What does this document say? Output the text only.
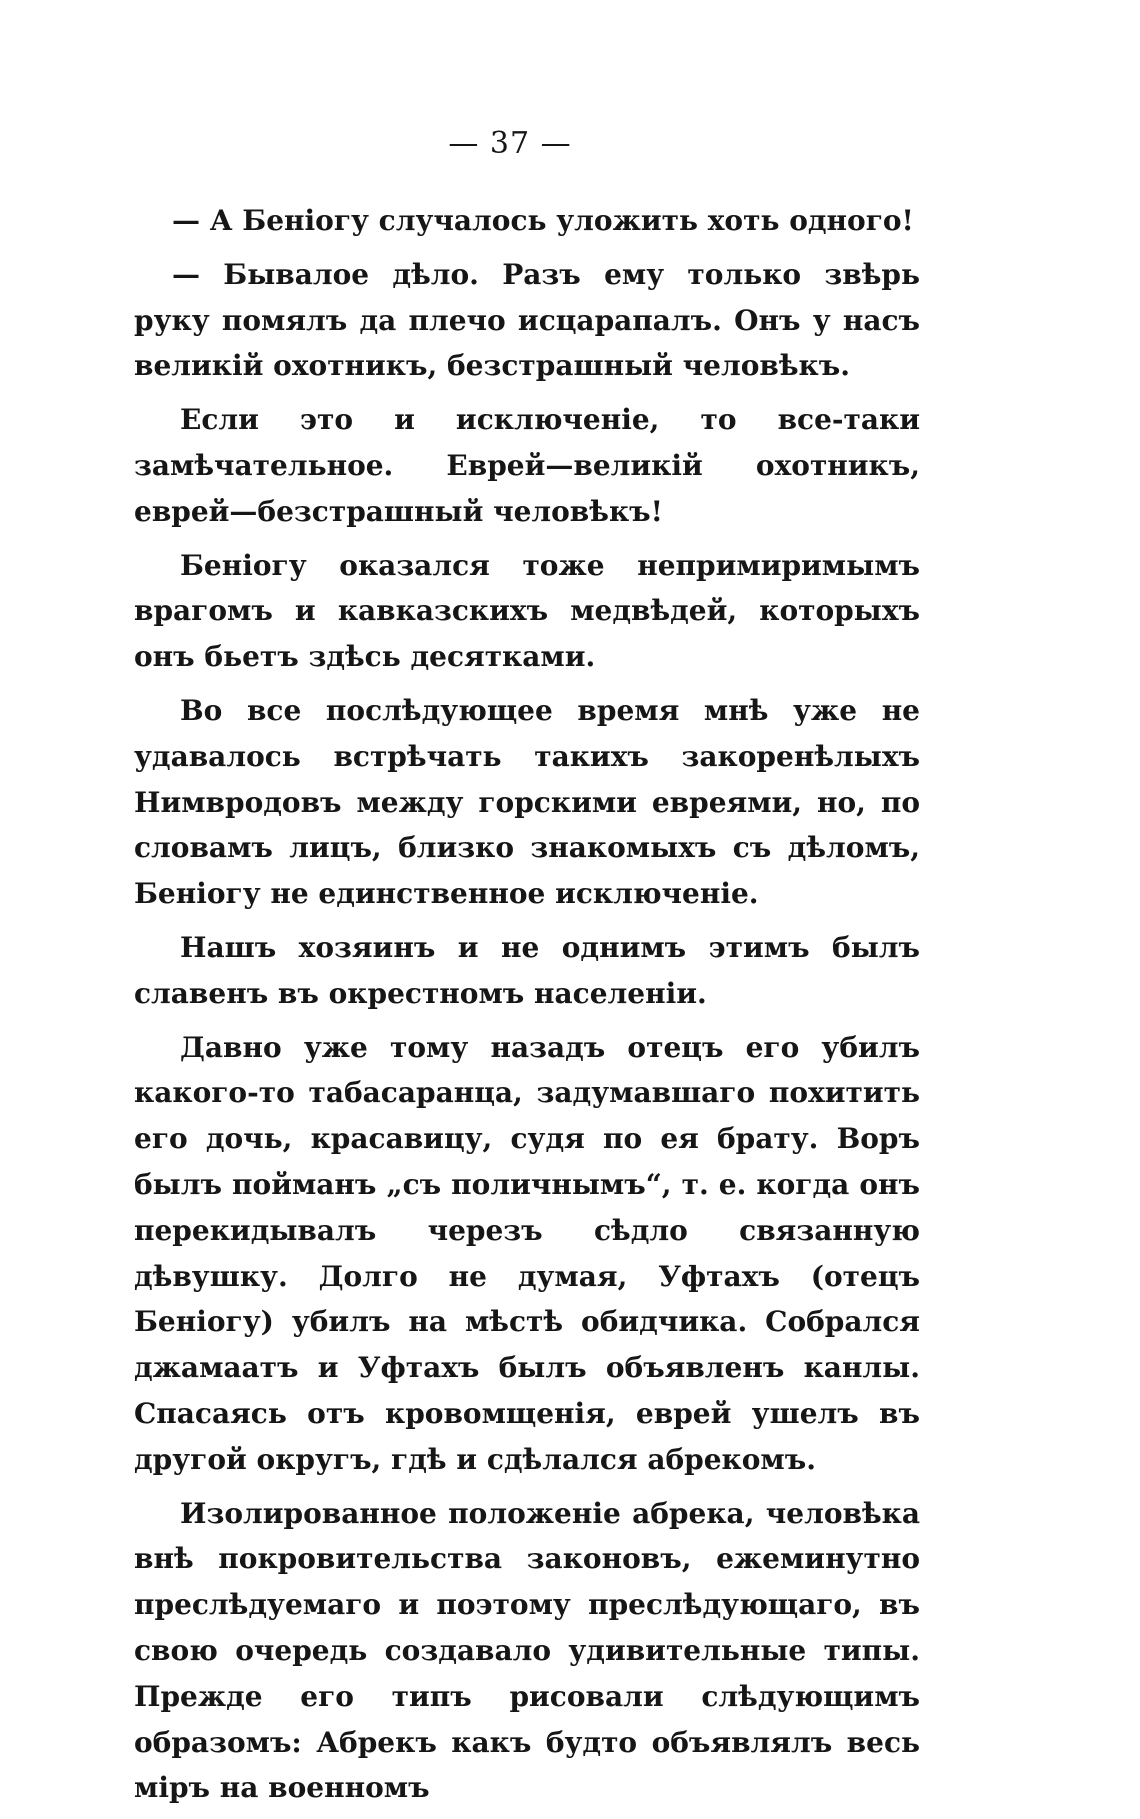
— 37 —

— А Беніогу случалось уложить хоть одного!

— Бывалое дѣло. Разъ ему только звѣрь руку помялъ да плечо исцарапалъ. Онъ у насъ великій охотникъ, безстрашный человѣкъ.

Если это и исключеніе, то все-таки замѣчательное. Еврей—великій охотникъ, еврей—безстрашный человѣкъ!

Беніогу оказался тоже непримиримымъ врагомъ и кавказскихъ медвѣдей, которыхъ онъ бьетъ здѣсь десятками.

Во все послѣдующее время мнѣ уже не удавалось встрѣчать такихъ закоренѣлыхъ Нимвродовъ между горскими евреями, но, по словамъ лицъ, близко знакомыхъ съ дѣломъ, Беніогу не единственное исключеніе.

Нашъ хозяинъ и не однимъ этимъ былъ славенъ въ окрестномъ населеніи.

Давно уже тому назадъ отецъ его убилъ какого-то табасаранца, задумавшаго похитить его дочь, красавицу, судя по ея брату. Воръ былъ пойманъ „съ поличнымъ“, т. е. когда онъ перекидывалъ черезъ сѣдло связанную дѣвушку. Долго не думая, Уфтахъ (отецъ Беніогу) убилъ на мѣстѣ обидчика. Собрался джамаатъ и Уфтахъ былъ объявленъ канлы. Спасаясь отъ кровомщенія, еврей ушелъ въ другой округъ, гдѣ и сдѣлался абрекомъ.

Изолированное положеніе абрека, человѣка внѣ покровительства законовъ, ежеминутно преслѣдуемаго и поэтому преслѣдующаго, въ свою очередь создавало удивительные типы. Прежде его типъ рисовали слѣдующимъ образомъ: Абрекъ какъ будто объявлялъ весь міръ на военномъ
